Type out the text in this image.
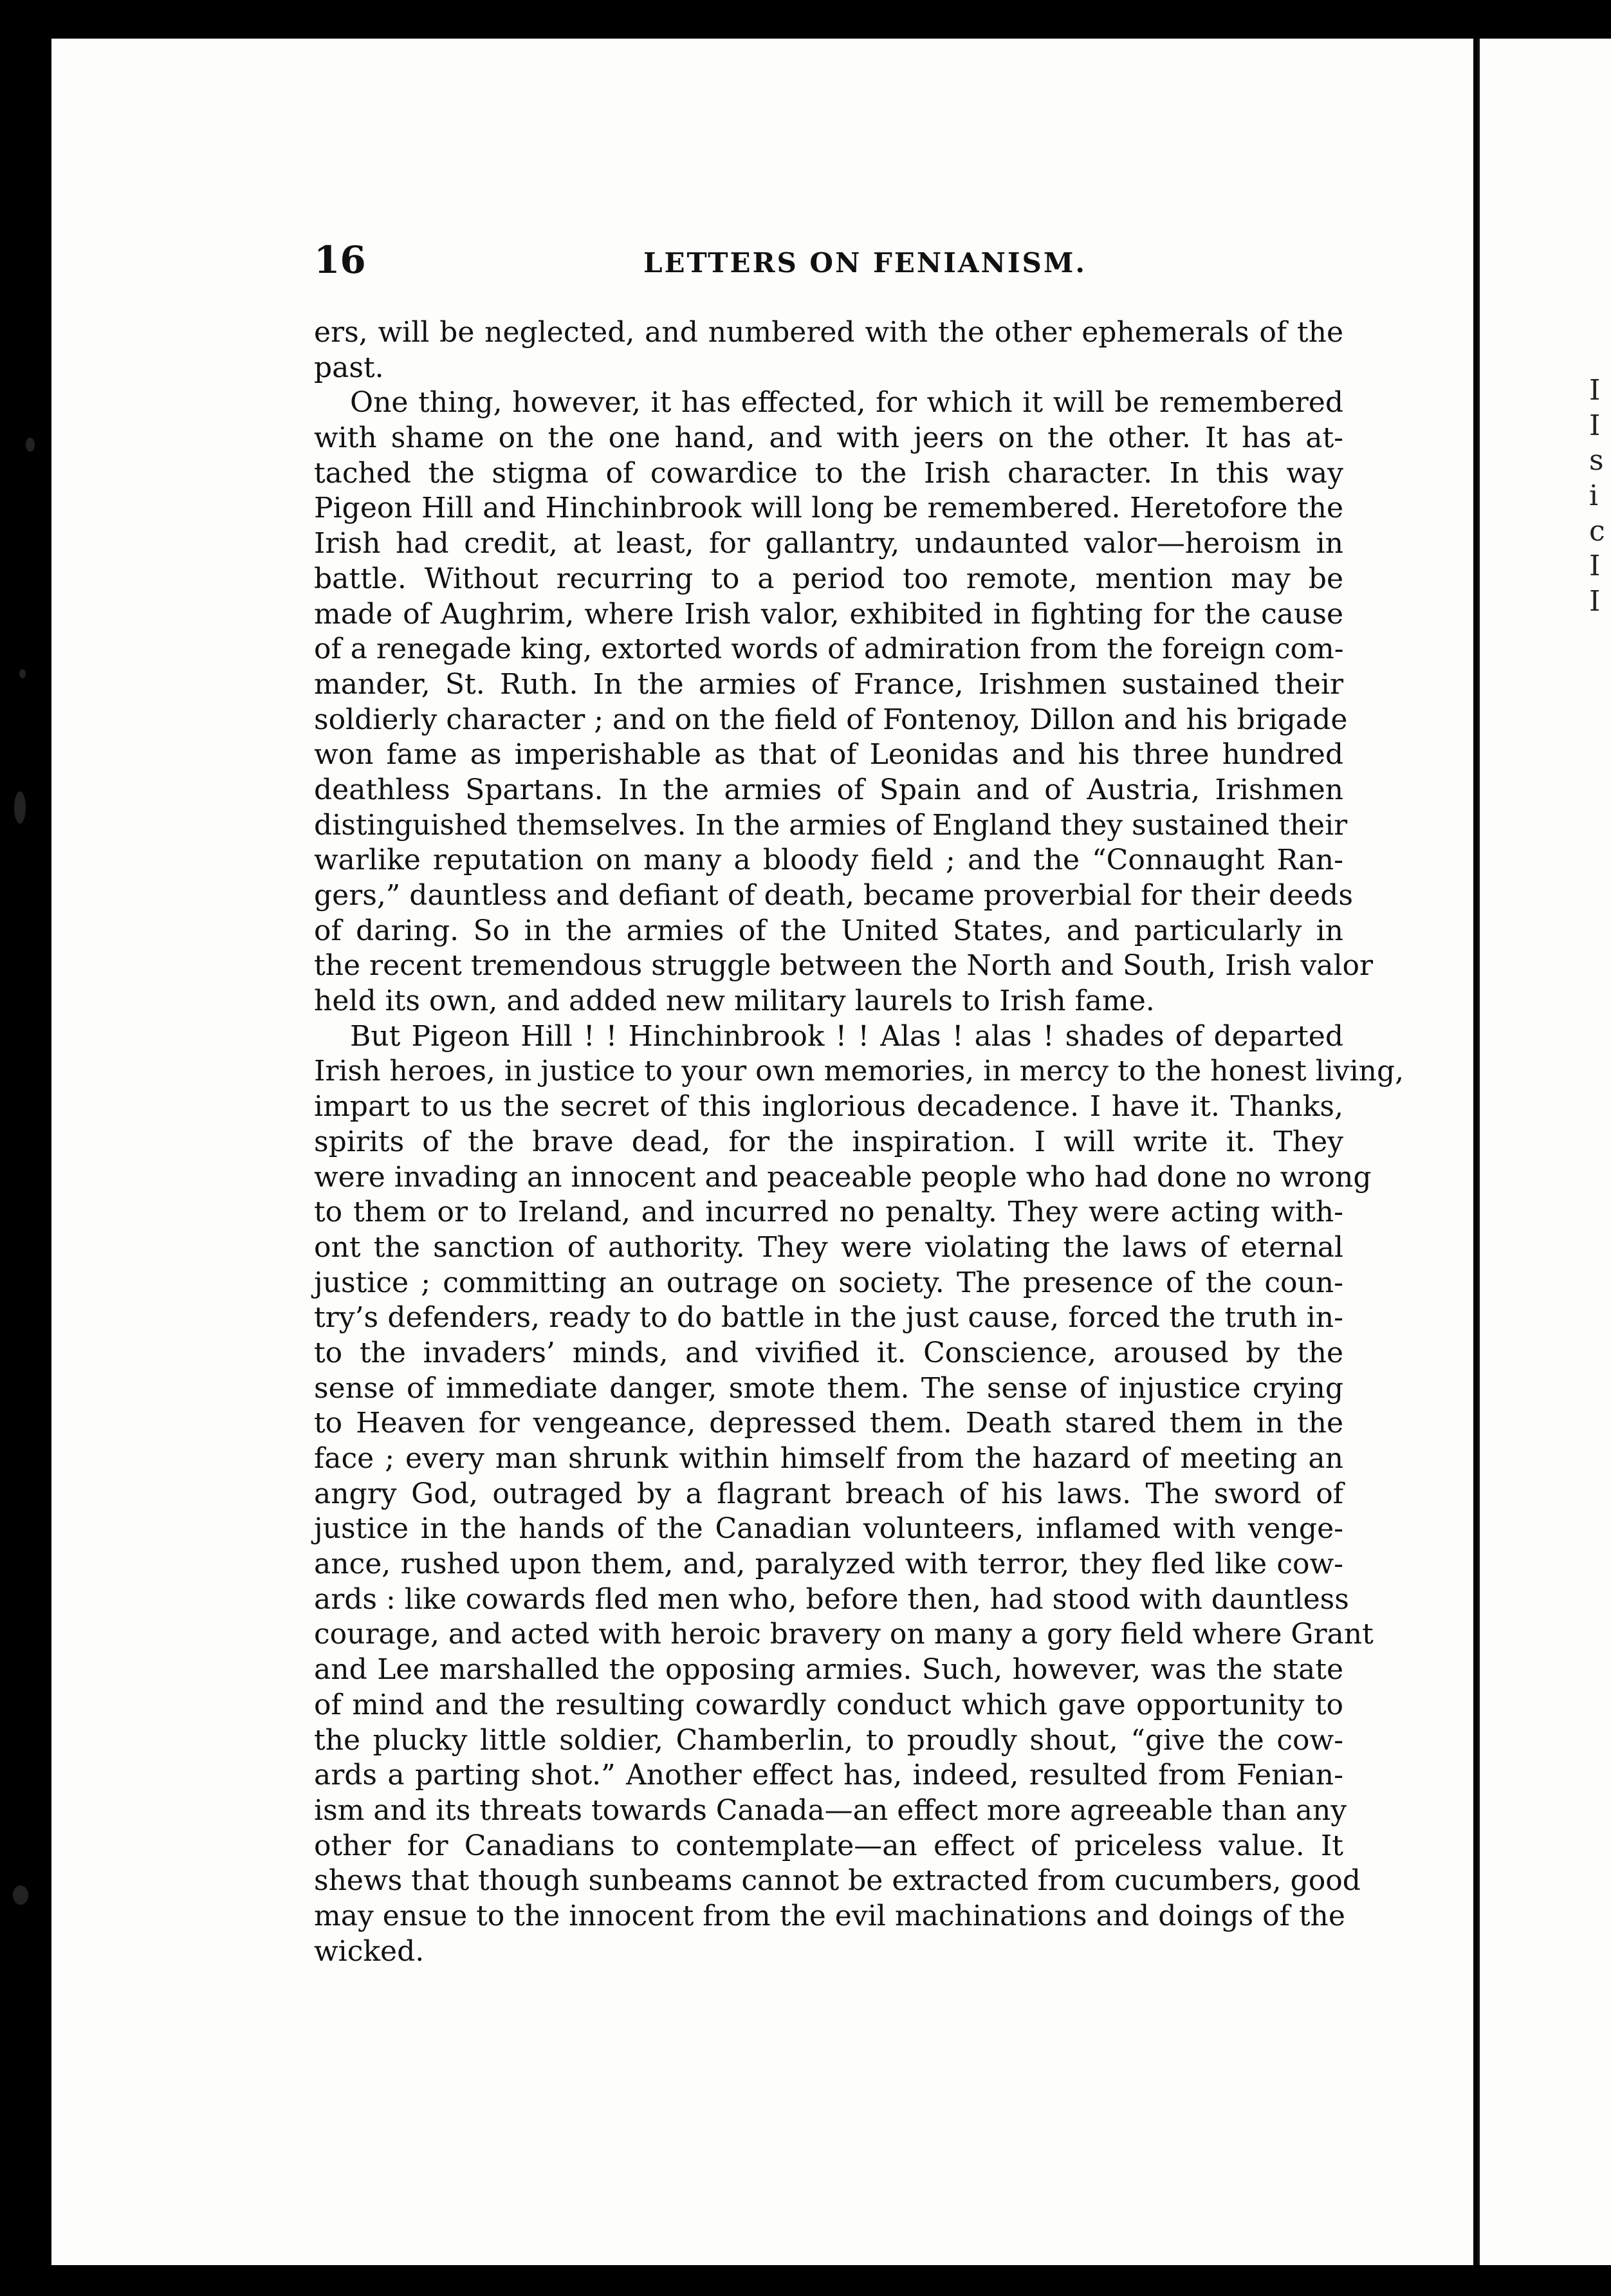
16	LETTERS ON FENIANISM.
ers, will be neglected, and numbered with the other ephemerals of the
past.
One thing, however, it has effected, for which it will be remembered
with shame on the one hand, and with jeers on the other. It has at-
tached the stigma of cowardice to the Irish character. In this way
Pigeon Hill and Hinchinbrook will long be remembered. Heretofore the
Irish had credit, at least, for gallantry, undaunted valor—heroism in
battle. Without recurring to a period too remote, mention may be
made of Aughrim, where Irish valor, exhibited in fighting for the cause
of a renegade king, extorted words of admiration from the foreign com-
mander, St. Ruth. In the armies of France, Irishmen sustained their
soldierly character ; and on the field of Fontenoy, Dillon and his brigade
won fame as imperishable as that of Leonidas and his three hundred
deathless Spartans. In the armies of Spain and of Austria, Irishmen
distinguished themselves. In the armies of England they sustained their
warlike reputation on many a bloody field ; and the “Connaught Ran-
gers,” dauntless and defiant of death, became proverbial for their deeds
of daring. So in the armies of the United States, and particularly in
the recent tremendous struggle between the North and South, Irish valor
held its own, and added new military laurels to Irish fame.
But Pigeon Hill ! ! Hinchinbrook ! ! Alas ! alas ! shades of departed
Irish heroes, in justice to your own memories, in mercy to the honest living,
impart to us the secret of this inglorious decadence. I have it. Thanks,
spirits of the brave dead, for the inspiration. I will write it. They
were invading an innocent and peaceable people who had done no wrong
to them or to Ireland, and incurred no penalty. They were acting with-
ont the sanction of authority. They were violating the laws of eternal
justice ; committing an outrage on society. The presence of the coun-
try’s defenders, ready to do battle in the just cause, forced the truth in-
to the invaders’ minds, and vivified it. Conscience, aroused by the
sense of immediate danger, smote them. The sense of injustice crying
to Heaven for vengeance, depressed them. Death stared them in the
face ; every man shrunk within himself from the hazard of meeting an
angry God, outraged by a flagrant breach of his laws. The sword of
justice in the hands of the Canadian volunteers, inflamed with venge-
ance, rushed upon them, and, paralyzed with terror, they fled like cow-
ards : like cowards fled men who, before then, had stood with dauntless
courage, and acted with heroic bravery on many a gory field where Grant
and Lee marshalled the opposing armies. Such, however, was the state
of mind and the resulting cowardly conduct which gave opportunity to
the plucky little soldier, Chamberlin, to proudly shout, “give the cow-
ards a parting shot.” Another effect has, indeed, resulted from Fenian-
ism and its threats towards Canada—an effect more agreeable than any
other for Canadians to contemplate—an effect of priceless value. It
shews that though sunbeams cannot be extracted from cucumbers, good
may ensue to the innocent from the evil machinations and doings of the
wicked.
I
I
s
i
c
I
I
